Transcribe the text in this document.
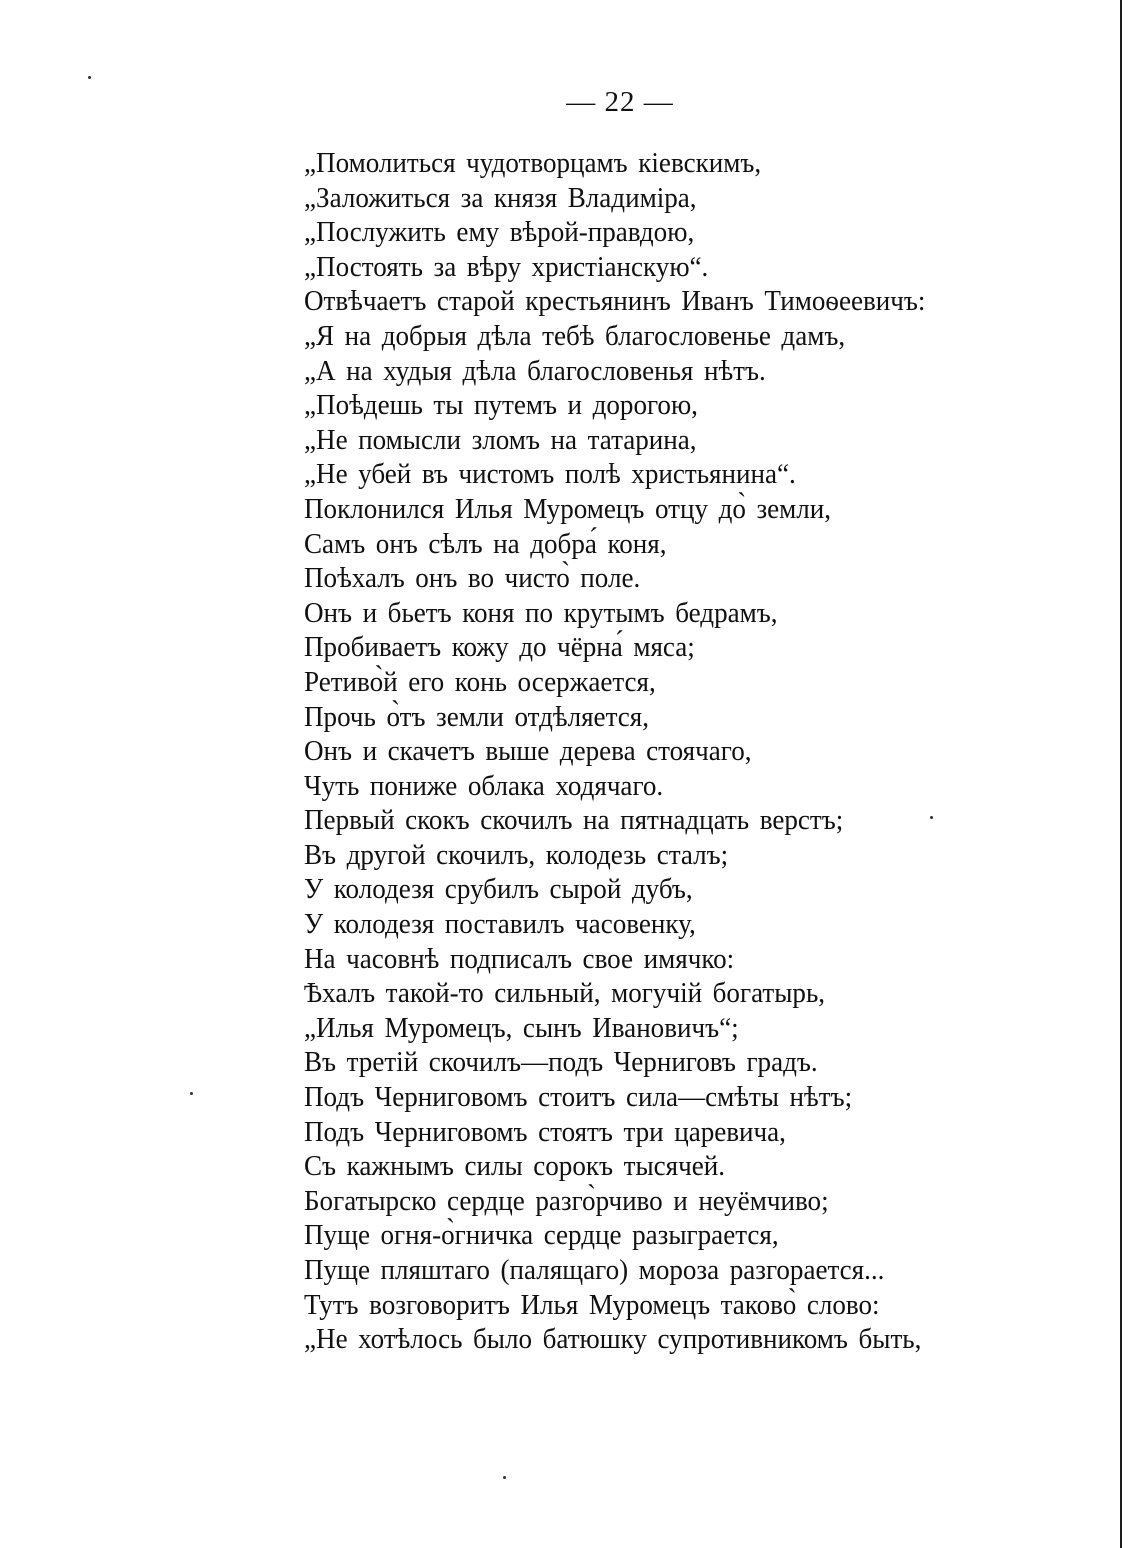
— 22 —
„Помолиться чудотворцамъ кіевскимъ,
„Заложиться за князя Владиміра,
„Послужить ему вѣрой-правдою,
„Постоять за вѣру христіанскую“.
Отвѣчаетъ старой крестьянинъ Иванъ Тимоѳеевичъ:
„Я на добрыя дѣла тебѣ благословенье дамъ,
„А на худыя дѣла благословенья нѣтъ.
„Поѣдешь ты путемъ и дорогою,
„Не помысли зломъ на татарина,
„Не убей въ чистомъ полѣ христьянина“.
Поклонился Илья Муромецъ отцу до̀ земли,
Самъ онъ сѣлъ на добра́ коня,
Поѣхалъ онъ во чисто̀ поле.
Онъ и бьетъ коня по крутымъ бедрамъ,
Пробиваетъ кожу до чёрна́ мяса;
Ретиво̀й его конь осержается,
Прочь о̀тъ земли отдѣляется,
Онъ и скачетъ выше дерева стоячаго,
Чуть пониже облака ходячаго.
Первый скокъ скочилъ на пятнадцать верстъ;
Въ другой скочилъ, колодезь сталъ;
У колодезя срубилъ сырой дубъ,
У колодезя поставилъ часовенку,
На часовнѣ подписалъ свое имячко:
Ѣхалъ такой-то сильный, могучій богатырь,
„Илья Муромецъ, сынъ Ивановичъ“;
Въ третій скочилъ—подъ Черниговъ градъ.
Подъ Черниговомъ стоитъ сила—смѣты нѣтъ;
Подъ Черниговомъ стоятъ три царевича,
Съ кажнымъ силы сорокъ тысячей.
Богатырско сердце разго̀рчиво и неуёмчиво;
Пуще огня-о̀гничка сердце разыграется,
Пуще пляштаго (палящаго) мороза разгорается...
Тутъ возговоритъ Илья Муромецъ таково̀ слово:
„Не хотѣлось было батюшку супротивникомъ быть,
